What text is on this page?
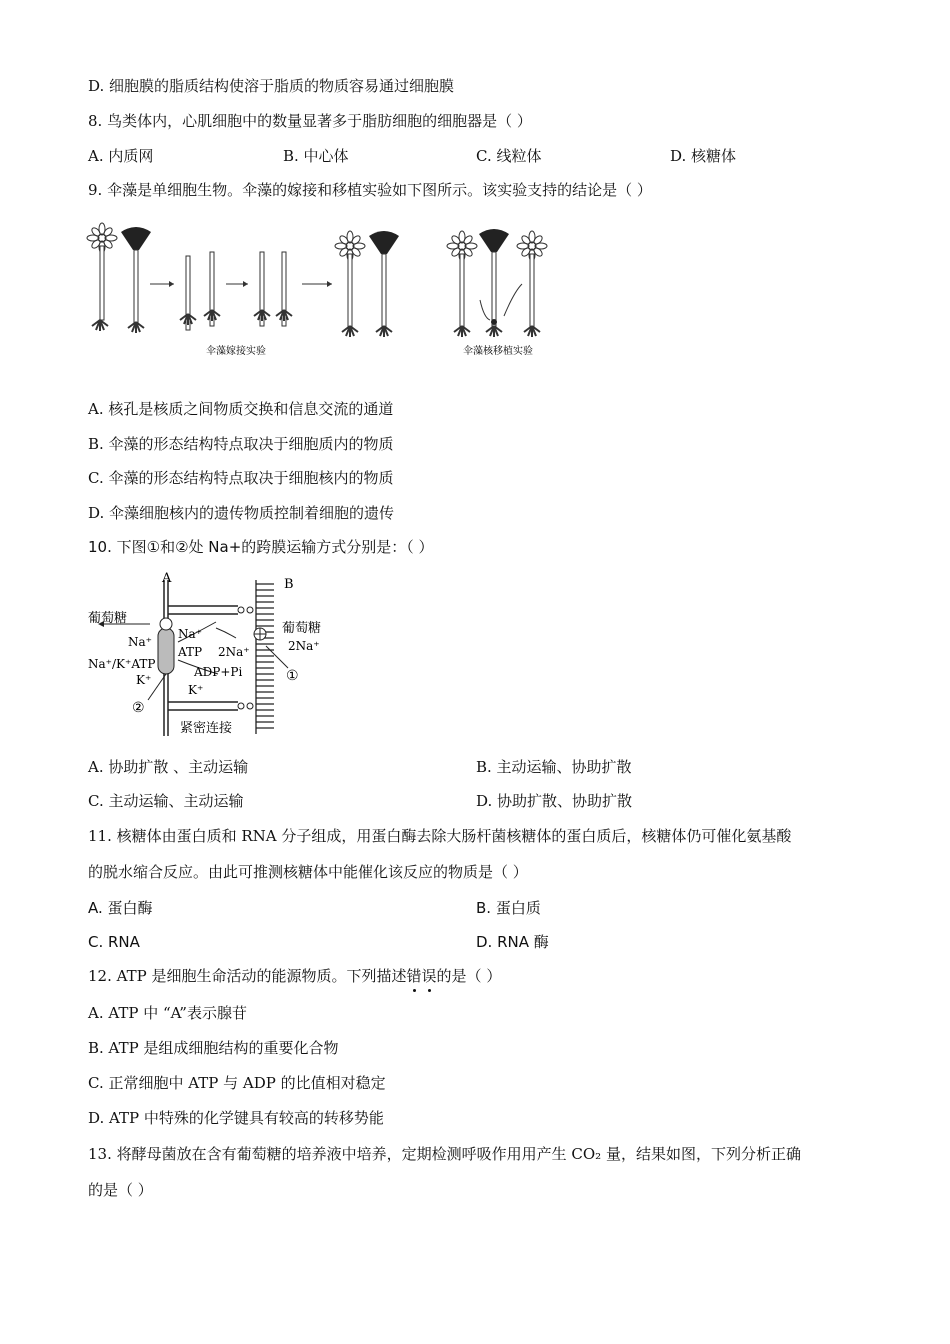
D. 细胞膜的脂质结构使溶于脂质的物质容易通过细胞膜
8. 鸟类体内，心肌细胞中的数量显著多于脂肪细胞的细胞器是（ ）
A. 内质网	B. 中心体	C. 线粒体	D. 核糖体
9. 伞藻是单细胞生物。伞藻的嫁接和移植实验如下图所示。该实验支持的结论是（ ）
伞藻嫁接实验	伞藻核移植实验
A. 核孔是核质之间物质交换和信息交流的通道
B. 伞藻的形态结构特点取决于细胞质内的物质
C. 伞藻的形态结构特点取决于细胞核内的物质
D. 伞藻细胞核内的遗传物质控制着细胞的遗传
10. 下图①和②处 Na+的跨膜运输方式分别是：（ ）
A	B
葡萄糖
Na⁺
Na⁺
Na⁺/K⁺ATP
ATP 2Na⁺
K⁺
ADP+Pi
K⁺
葡萄糖
2Na⁺
①
②
紧密连接
A. 协助扩散 、主动运输	B. 主动运输、协助扩散
C. 主动运输、主动运输	D. 协助扩散、协助扩散
11. 核糖体由蛋白质和 RNA 分子组成，用蛋白酶去除大肠杆菌核糖体的蛋白质后，核糖体仍可催化氨基酸
的脱水缩合反应。由此可推测核糖体中能催化该反应的物质是（ ）
A. 蛋白酶	B. 蛋白质
C. RNA	D. RNA 酶
12. ATP 是细胞生命活动的能源物质。下列描述错误的是（ ）
A. ATP 中 “A”表示腺苷
B. ATP 是组成细胞结构的重要化合物
C. 正常细胞中 ATP 与 ADP 的比值相对稳定
D. ATP 中特殊的化学键具有较高的转移势能
13. 将酵母菌放在含有葡萄糖的培养液中培养，定期检测呼吸作用用产生 CO₂ 量，结果如图，下列分析正确
的是（ ）
